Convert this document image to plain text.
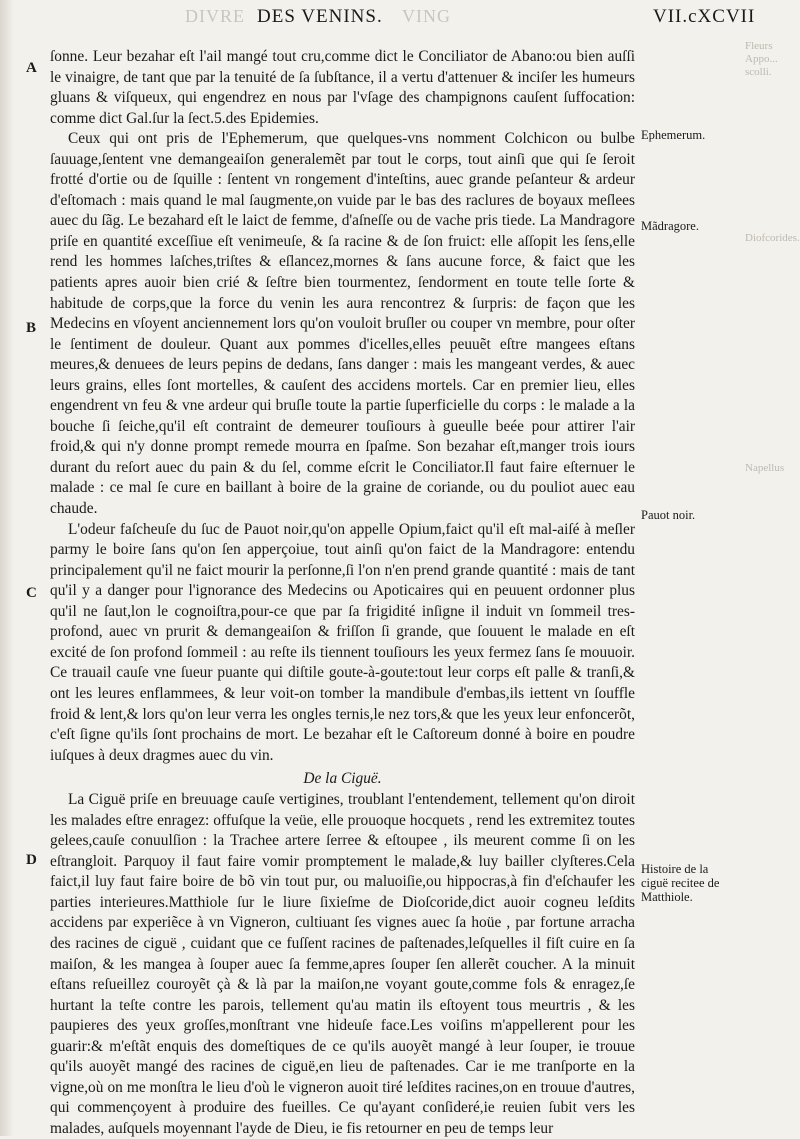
DIVRE DES VENINS. VING	VII.cXCVII
A
B
C
D

ſonne. Leur bezahar eſt l'ail mangé tout cru,comme dict le Conciliator de Abano:ou bien auſſi le vinaigre, de tant que par la tenuité de ſa ſubſtance, il a vertu d'attenuer & inciſer les humeurs gluans & viſqueux, qui engendrez en nous par l'vſage des champignons cauſent ſuffocation: comme dict Gal.ſur la ſect.5.des Epidemies.

Ceux qui ont pris de l'Ephemerum, que quelques-vns nomment Colchicon ou bulbe ſauuage,ſentent vne demangeaiſon generalemẽt par tout le corps, tout ainſi que qui ſe ſeroit frotté d'ortie ou de ſquille : ſentent vn rongement d'inteſtins, auec grande peſanteur & ardeur d'eſtomach : mais quand le mal ſaugmente,on vuide par le bas des raclures de boyaux meſlees auec du ſãg. Le bezahard eſt le laict de femme, d'aſneſſe ou de vache pris tiede. La Mandragore priſe en quantité exceſſiue eſt venimeuſe, & ſa racine & de ſon fruict: elle aſſopit les ſens,elle rend les hommes laſches,triſtes & eſlancez,mornes & ſans aucune force, & faict que les patients apres auoir bien crié & ſeſtre bien tourmentez, ſendorment en toute telle ſorte & habitude de corps,que la force du venin les aura rencontrez & ſurpris: de façon que les Medecins en vſoyent anciennement lors qu'on vouloit bruſler ou couper vn membre, pour oſter le ſentiment de douleur. Quant aux pommes d'icelles,elles peuuẽt eſtre mangees eſtans meures,& denuees de leurs pepins de dedans, ſans danger : mais les mangeant verdes, & auec leurs grains, elles ſont mortelles, & cauſent des accidens mortels. Car en premier lieu, elles engendrent vn feu & vne ardeur qui bruſle toute la partie ſuperficielle du corps : le malade a la bouche ſi ſeiche,qu'il eſt contraint de demeurer touſiours à gueulle beée pour attirer l'air froid,& qui n'y donne prompt remede mourra en ſpaſme. Son bezahar eſt,manger trois iours durant du reſort auec du pain & du ſel, comme eſcrit le Conciliator.Il faut faire eſternuer le malade : ce mal ſe cure en baillant à boire de la graine de coriande, ou du pouliot auec eau chaude.

L'odeur faſcheuſe du ſuc de Pauot noir,qu'on appelle Opium,faict qu'il eſt mal-aiſé à meſler parmy le boire ſans qu'on ſen apperçoiue, tout ainſi qu'on faict de la Mandragore: entendu principalement qu'il ne faict mourir la perſonne,ſi l'on n'en prend grande quantité : mais de tant qu'il y a danger pour l'ignorance des Medecins ou Apoticaires qui en peuuent ordonner plus qu'il ne ſaut,lon le cognoiſtra,pour-ce que par ſa frigidité inſigne il induit vn ſommeil tres-profond, auec vn prurit & demangeaiſon & friſſon ſi grande, que ſouuent le malade en eſt excité de ſon profond ſommeil : au reſte ils tiennent touſiours les yeux fermez ſans ſe mouuoir. Ce trauail cauſe vne ſueur puante qui diſtile goute-à-goute:tout leur corps eſt palle & tranſi,& ont les leures enflammees, & leur voit-on tomber la mandibule d'embas,ils iettent vn ſouffle froid & lent,& lors qu'on leur verra les ongles ternis,le nez tors,& que les yeux leur enfoncerõt, c'eſt ſigne qu'ils ſont prochains de mort. Le bezahar eſt le Caſtoreum donné à boire en poudre iuſques à deux dragmes auec du vin.

De la Ciguë.

La Ciguë priſe en breuuage cauſe vertigines, troublant l'entendement, tellement qu'on diroit les malades eſtre enragez: offuſque la veüe, elle prouoque hocquets , rend les extremitez toutes gelees,cauſe conuulſion : la Trachee artere ſerree & eſtoupee , ils meurent comme ſi on les eſtrangloit. Parquoy il faut faire vomir promptement le malade,& luy bailler clyſteres.Cela faict,il luy faut faire boire de bõ vin tout pur, ou maluoiſie,ou hippocras,à fin d'eſchaufer les parties interieures.Matthiole ſur le liure ſixieſme de Dioſcoride,dict auoir cogneu leſdits accidens par experiẽce à vn Vigneron, cultiuant ſes vignes auec ſa hoüe , par fortune arracha des racines de ciguë , cuidant que ce fuſſent racines de paſtenades,leſquelles il fiſt cuire en ſa maiſon, & les mangea à ſouper auec ſa femme,apres ſouper ſen allerẽt coucher. A la minuit eſtans reſueillez couroyẽt çà & là par la maiſon,ne voyant goute,comme fols & enragez,ſe hurtant la teſte contre les parois, tellement qu'au matin ils eſtoyent tous meurtris , & les paupieres des yeux groſſes,monſtrant vne hideuſe face.Les voiſins m'appellerent pour les guarir:& m'eſtãt enquis des domeſtiques de ce qu'ils auoyẽt mangé à leur ſouper, ie trouue qu'ils auoyẽt mangé des racines de ciguë,en lieu de paſtenades. Car ie me tranſporte en la vigne,où on me monſtra le lieu d'où le vigneron auoit tiré leſdites racines,on en trouue d'autres, qui commençoyent à produire des fueilles. Ce qu'ayant conſideré,ie reuien ſubit vers les malades, auſquels moyennant l'ayde de Dieu, ie fis retourner en peu de temps leur

Ephemerum.
Mãdragore.
Pauot noir.
Histoire de la ciguë recitee de Matthiole.
Fleurs Appo... scolli.
Diofcorides.
Napellus
